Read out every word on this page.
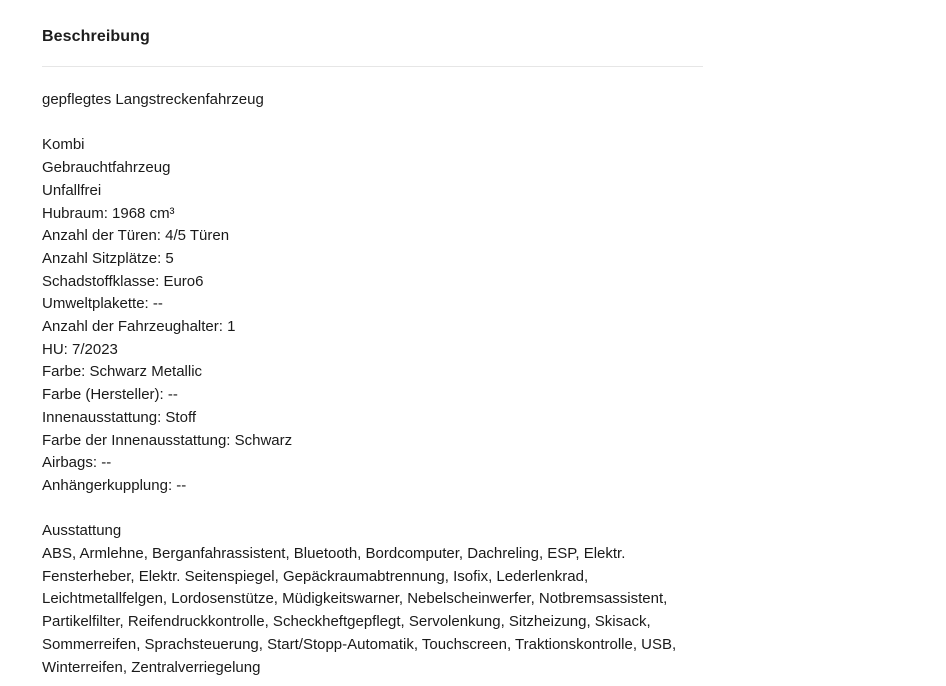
Beschreibung
gepflegtes Langstreckenfahrzeug
Kombi
Gebrauchtfahrzeug
Unfallfrei
Hubraum: 1968 cm³
Anzahl der Türen: 4/5 Türen
Anzahl Sitzplätze: 5
Schadstoffklasse: Euro6
Umweltplakette: --
Anzahl der Fahrzeughalter: 1
HU: 7/2023
Farbe: Schwarz Metallic
Farbe (Hersteller): --
Innenausstattung: Stoff
Farbe der Innenausstattung: Schwarz
Airbags: --
Anhängerkupplung: --
Ausstattung

ABS, Armlehne, Berganfahrassistent, Bluetooth, Bordcomputer, Dachreling, ESP, Elektr. Fensterheber, Elektr. Seitenspiegel, Gepäckraumabtrennung, Isofix, Lederlenkrad, Leichtmetallfelgen, Lordosenstütze, Müdigkeitswarner, Nebelscheinwerfer, Notbremsassistent, Partikelfilter, Reifendruckkontrolle, Scheckheftgepflegt, Servolenkung, Sitzheizung, Skisack, Sommerreifen, Sprachsteuerung, Start/Stopp-Automatik, Touchscreen, Traktionskontrolle, USB, Winterreifen, Zentralverriegelung
